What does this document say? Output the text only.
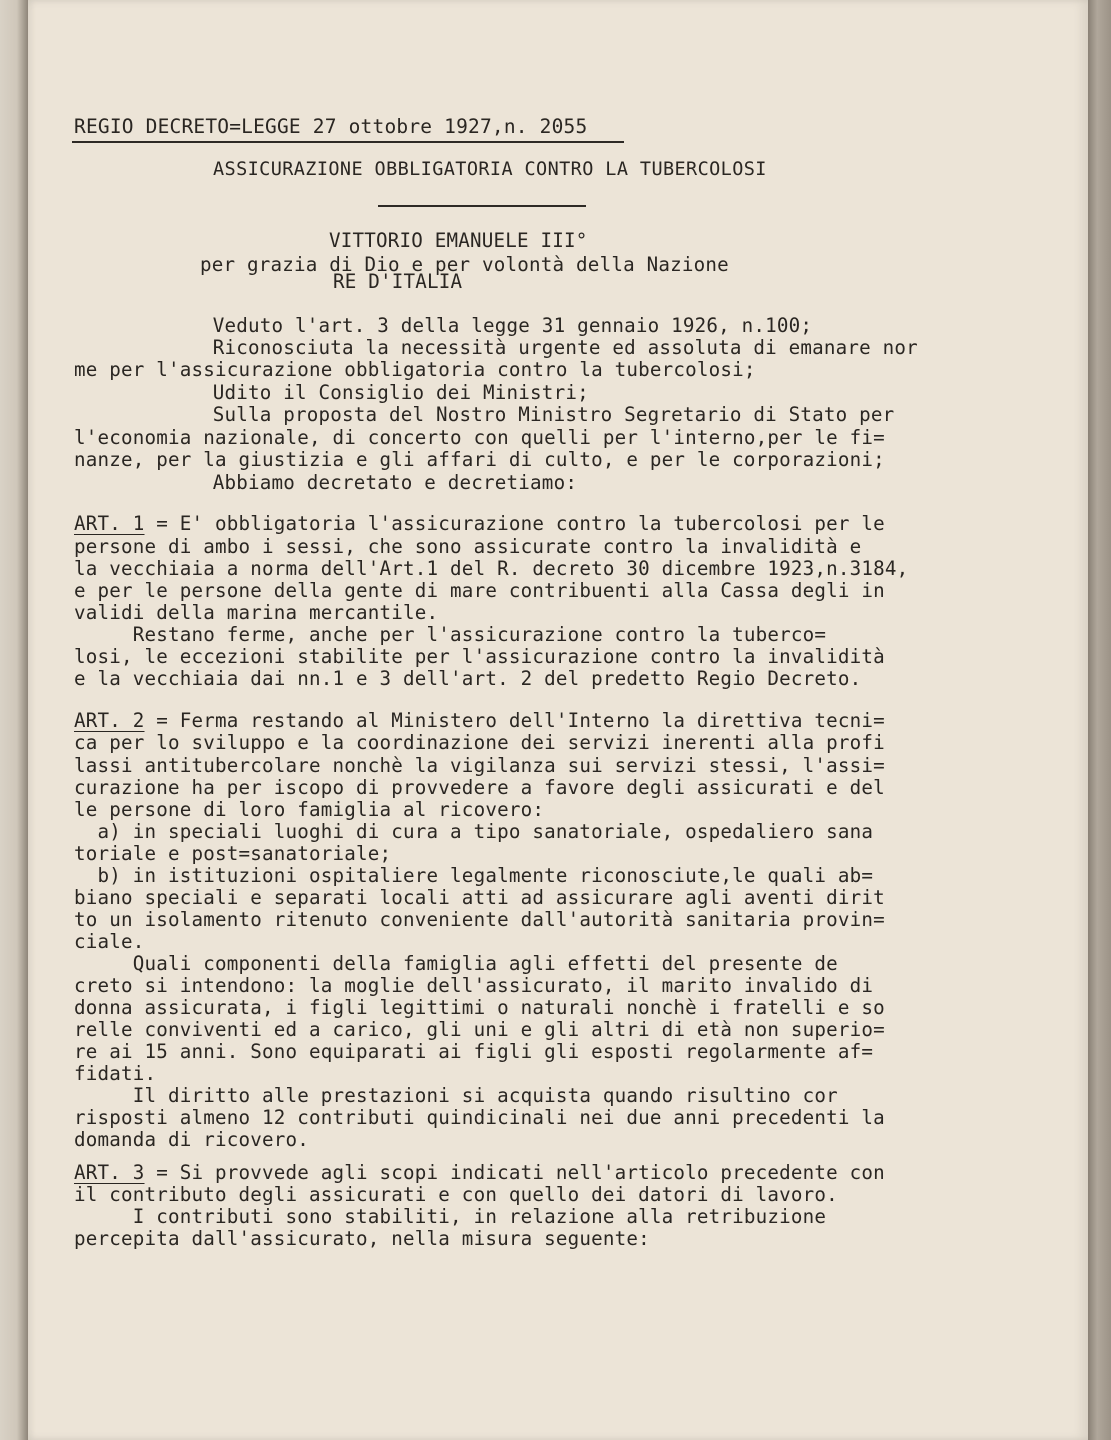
REGIO DECRETO=LEGGE 27 ottobre 1927,n. 2055
ASSICURAZIONE OBBLIGATORIA CONTRO LA TUBERCOLOSI
VITTORIO EMANUELE III°
per grazia di Dio e per volontà della Nazione
RE D'ITALIA
Veduto l'art. 3 della legge 31 gennaio 1926, n.100;
Riconosciuta la necessità urgente ed assoluta di emanare nor
me per l'assicurazione obbligatoria contro la tubercolosi;
Udito il Consiglio dei Ministri;
Sulla proposta del Nostro Ministro Segretario di Stato per
l'economia nazionale, di concerto con quelli per l'interno,per le fi=
nanze, per la giustizia e gli affari di culto, e per le corporazioni;
Abbiamo decretato e decretiamo:
ART. 1 = E' obbligatoria l'assicurazione contro la tubercolosi per le
persone di ambo i sessi, che sono assicurate contro la invalidità e
la vecchiaia a norma dell'Art.1 del R. decreto 30 dicembre 1923,n.3184,
e per le persone della gente di mare contribuenti alla Cassa degli in
validi della marina mercantile.
Restano ferme, anche per l'assicurazione contro la tuberco=
losi, le eccezioni stabilite per l'assicurazione contro la invalidità
e la vecchiaia dai nn.1 e 3 dell'art. 2 del predetto Regio Decreto.
ART. 2 = Ferma restando al Ministero dell'Interno la direttiva tecni=
ca per lo sviluppo e la coordinazione dei servizi inerenti alla profi
lassi antitubercolare nonchè la vigilanza sui servizi stessi, l'assi=
curazione ha per iscopo di provvedere a favore degli assicurati e del
le persone di loro famiglia al ricovero:
a) in speciali luoghi di cura a tipo sanatoriale, ospedaliero sana
toriale e post=sanatoriale;
b) in istituzioni ospitaliere legalmente riconosciute,le quali ab=
biano speciali e separati locali atti ad assicurare agli aventi dirit
to un isolamento ritenuto conveniente dall'autorità sanitaria provin=
ciale.
Quali componenti della famiglia agli effetti del presente de
creto si intendono: la moglie dell'assicurato, il marito invalido di
donna assicurata, i figli legittimi o naturali nonchè i fratelli e so
relle conviventi ed a carico, gli uni e gli altri di età non superio=
re ai 15 anni. Sono equiparati ai figli gli esposti regolarmente af=
fidati.
Il diritto alle prestazioni si acquista quando risultino cor
risposti almeno 12 contributi quindicinali nei due anni precedenti la
domanda di ricovero.
ART. 3 = Si provvede agli scopi indicati nell'articolo precedente con
il contributo degli assicurati e con quello dei datori di lavoro.
I contributi sono stabiliti, in relazione alla retribuzione
percepita dall'assicurato, nella misura seguente:
